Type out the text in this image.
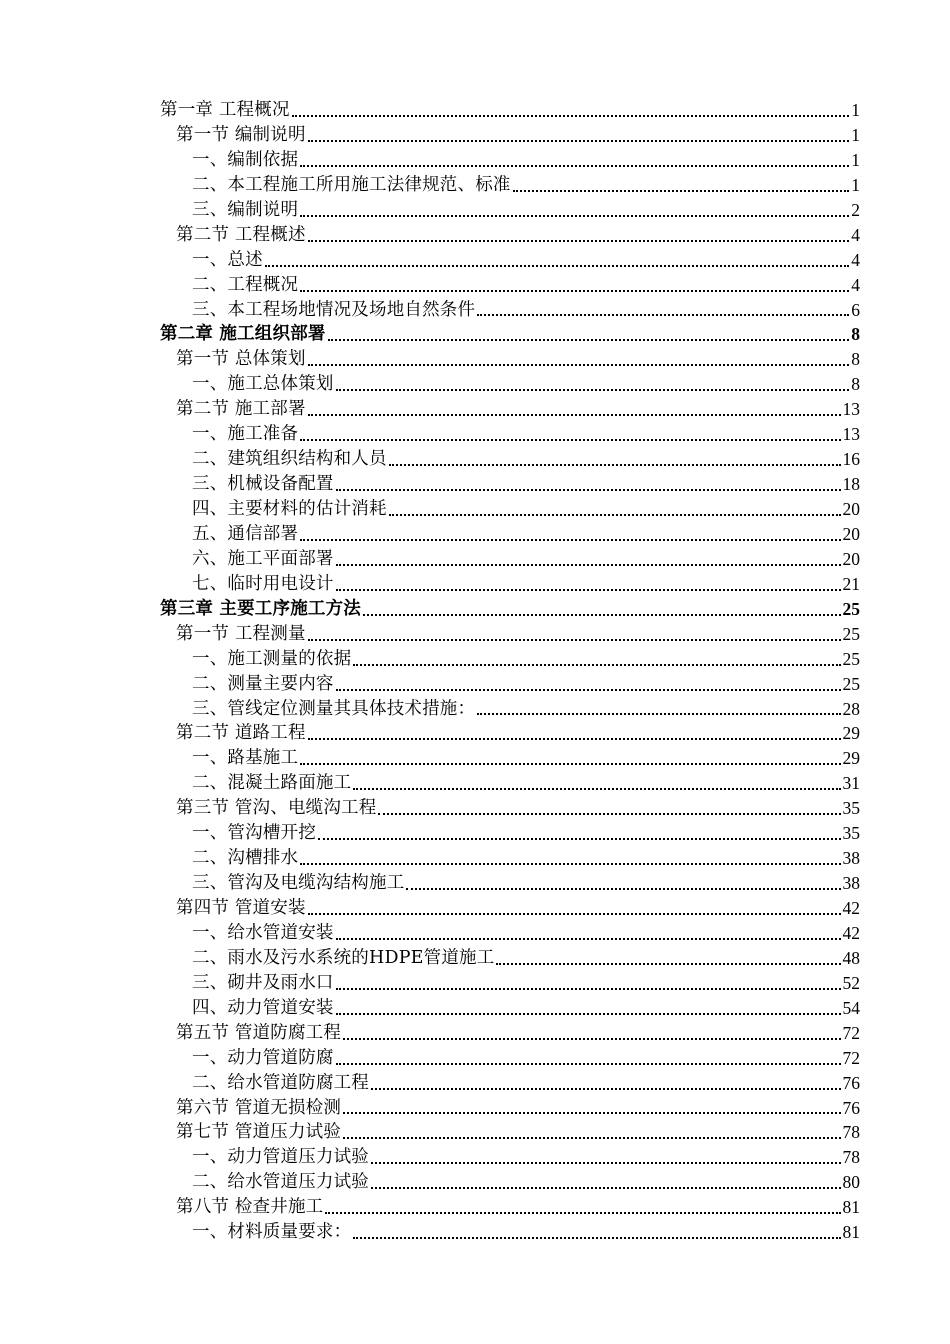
第一章 工程概况	1
第一节 编制说明	1
一、编制依据	1
二、本工程施工所用施工法律规范、标准	1
三、编制说明	2
第二节 工程概述	4
一、总述	4
二、工程概况	4
三、本工程场地情况及场地自然条件	6
第二章 施工组织部署	8
第一节 总体策划	8
一、施工总体策划	8
第二节 施工部署	13
一、施工准备	13
二、建筑组织结构和人员	16
三、机械设备配置	18
四、主要材料的估计消耗	20
五、通信部署	20
六、施工平面部署	20
七、临时用电设计	21
第三章 主要工序施工方法	25
第一节 工程测量	25
一、施工测量的依据	25
二、测量主要内容	25
三、管线定位测量其具体技术措施：	28
第二节 道路工程	29
一、路基施工	29
二、混凝土路面施工	31
第三节 管沟、电缆沟工程	35
一、管沟槽开挖	35
二、沟槽排水	38
三、管沟及电缆沟结构施工	38
第四节 管道安装	42
一、给水管道安装	42
二、雨水及污水系统的HDPE管道施工	48
三、砌井及雨水口	52
四、动力管道安装	54
第五节 管道防腐工程	72
一、动力管道防腐	72
二、给水管道防腐工程	76
第六节 管道无损检测	76
第七节 管道压力试验	78
一、动力管道压力试验	78
二、给水管道压力试验	80
第八节 检查井施工	81
一、材料质量要求：	81
